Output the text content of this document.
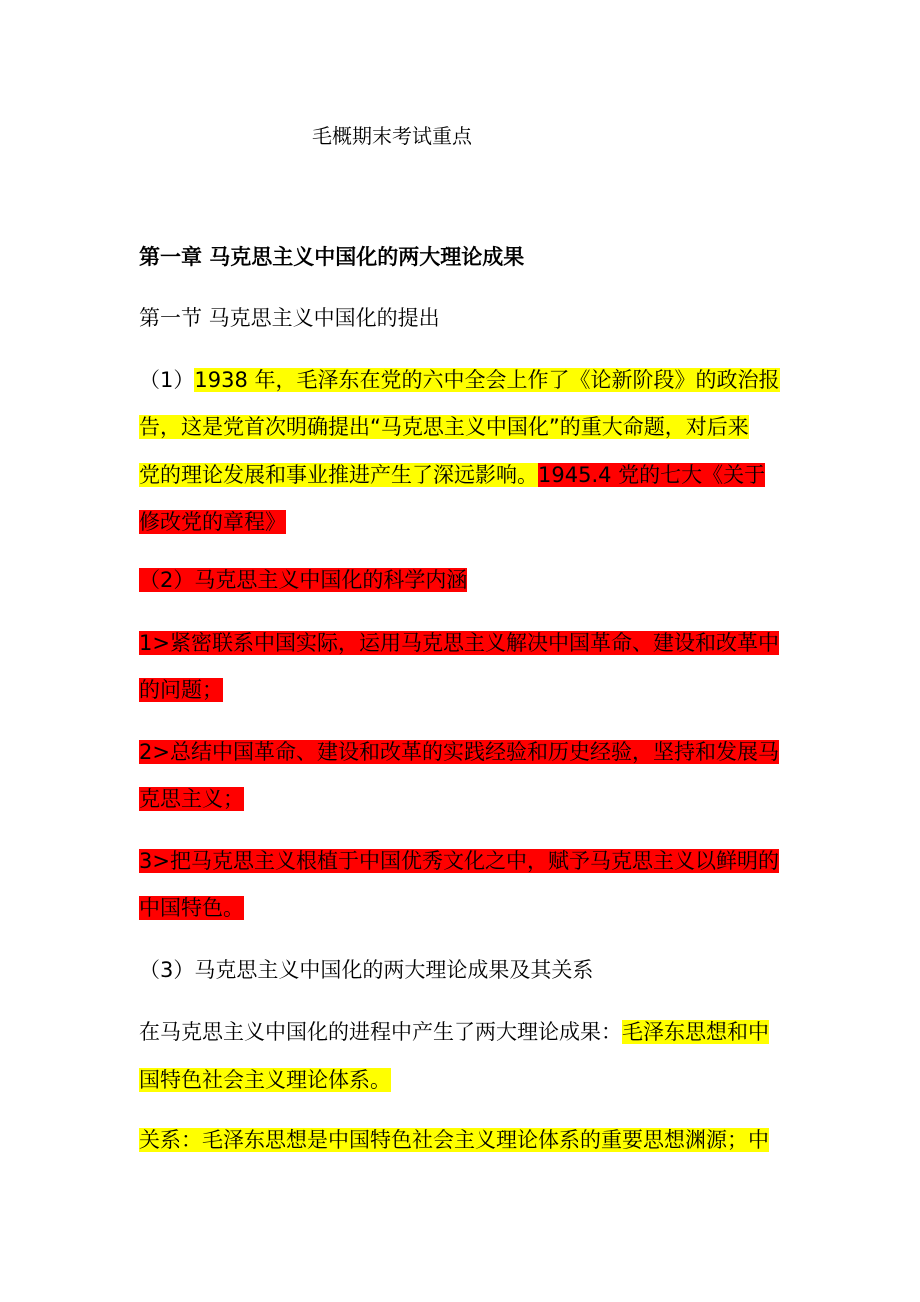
毛概期末考试重点
第一章 马克思主义中国化的两大理论成果
第一节 马克思主义中国化的提出
（1）1938 年，毛泽东在党的六中全会上作了《论新阶段》的政治报
告，这是党首次明确提出“马克思主义中国化”的重大命题，对后来
党的理论发展和事业推进产生了深远影响。1945.4 党的七大《关于
修改党的章程》
（2）马克思主义中国化的科学内涵
1>紧密联系中国实际，运用马克思主义解决中国革命、建设和改革中
的问题；
2>总结中国革命、建设和改革的实践经验和历史经验，坚持和发展马
克思主义；
3>把马克思主义根植于中国优秀文化之中，赋予马克思主义以鲜明的
中国特色。
（3）马克思主义中国化的两大理论成果及其关系
在马克思主义中国化的进程中产生了两大理论成果：毛泽东思想和中
国特色社会主义理论体系。
关系：毛泽东思想是中国特色社会主义理论体系的重要思想渊源；中
